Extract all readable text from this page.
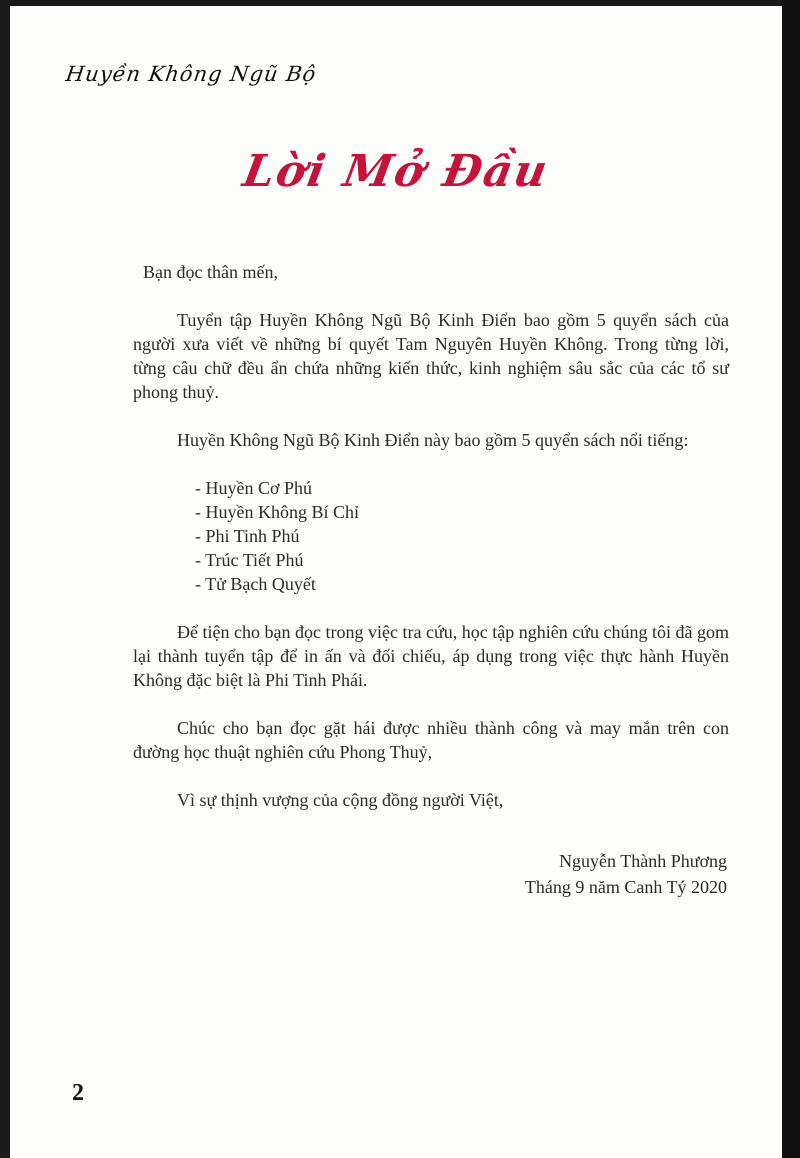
Huyền Không Ngũ Bộ
Lời Mở Đầu

Bạn đọc thân mến,

Tuyển tập Huyền Không Ngũ Bộ Kinh Điển bao gồm 5 quyển sách của người xưa viết về những bí quyết Tam Nguyên Huyền Không. Trong từng lời, từng câu chữ đều ẩn chứa những kiến thức, kinh nghiệm sâu sắc của các tổ sư phong thuỷ.

Huyền Không Ngũ Bộ Kinh Điển này bao gồm 5 quyển sách nổi tiếng:

- Huyền Cơ Phú
- Huyền Không Bí Chỉ
- Phi Tinh Phú
- Trúc Tiết Phú
- Tử Bạch Quyết

Để tiện cho bạn đọc trong việc tra cứu, học tập nghiên cứu chúng tôi đã gom lại thành tuyển tập để in ấn và đối chiếu, áp dụng trong việc thực hành Huyền Không đặc biệt là Phi Tinh Phái.

Chúc cho bạn đọc gặt hái được nhiều thành công và may mắn trên con đường học thuật nghiên cứu Phong Thuỷ,

Vì sự thịnh vượng của cộng đồng người Việt,

Nguyễn Thành Phương
Tháng 9 năm Canh Tý 2020
2
